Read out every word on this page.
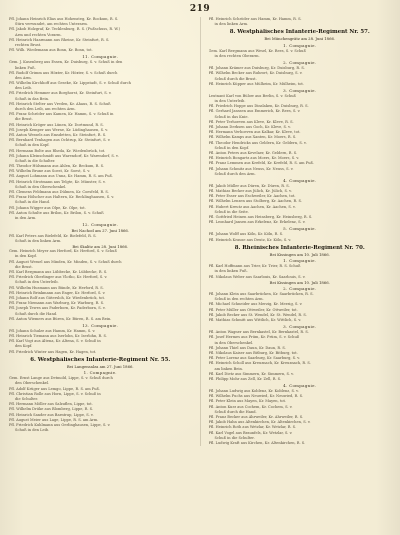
219
Pfl. Johann Heinrich Elias aus Hohensteg, Kr. Bockum, R. S.
Stirn verwundet, am rechten Unterarm.
Pfl. Jakob Holzgraf, Kr. Tecklenburg, R. S. (Fußschuss, R. W.)
Arm und rechten Vorarm.
Pfl. Heinrich Haarmann aus Rheine, Kr. Steinfurt, R. S.
rechten Brust.
Pfl. Wilh. Wiedemann aus Bonn, Kr. Bonn, tot.
11. Compagnie.
Gem. J. Kusenberg aus Essen, Kr. Duisburg, S. v. Schuß in den
linken Fuß.
Pfl. Rudolf Grimm aus Höxter, Kr. Höxter, S. v. Schuß durch
den Arm.
Pfl. Wilhelm Kirchhoff aus Geseke, Kr. Lippstadt, S. v. Schuß durch
den Leib.
Pfl. Friedrich Hemmer aus Borghorst, Kr. Steinfurt, S. v.
Schuß in das Bein.
Pfl. Heinrich Stelter aus Vreden, Kr. Ahaus, R. S. Schuß
durch den Leib, am rechten Arm.
Pfl. Franz Schröder aus Kamen, Kr. Hamm, S. v. Schuß in
die Brust.
Pfl. Heinrich Kröger aus Lünen, Kr. Dortmund, R. S.
Pfl. Joseph Kemper aus Werne, Kr. Lüdinghausen, S. v.
Pfl. Anton Wessels aus Emsdetten, Kr. Steinfurt, R. S.
Pfl. Bernhard Tenhagen aus Ochtrup, Kr. Steinfurt, S. v.
Schuß in den Kopf.
Pfl. Hermann Bolte aus Rheda, Kr. Wiedenbrück, tot.
Pfl. Johann Kleinschmidt aus Warendorf, Kr. Warendorf, S. v.
Schuß in die Schulter.
Pfl. Theodor Hülsmann aus Ahlen, Kr. Beckum, R. S.
Pfl. Wilhelm Brune aus Soest, Kr. Soest, S. v.
Pfl. August Lohmann aus Unna, Kr. Hamm, R. S. am Fuß.
Pfl. Heinrich Strotmann aus Telgte, Kr. Münster, S. v.
Schuß in den Oberschenkel.
Pfl. Clemens Feldmann aus Dülmen, Kr. Coesfeld, R. S.
Pfl. Franz Hölscher aus Haltern, Kr. Recklinghausen, S. v.
Schuß in die Hand.
Pfl. Johann Wigger aus Olpe, Kr. Olpe, tot.
Pfl. Anton Schulte aus Brilon, Kr. Brilon, S. v. Schuß
in den Arm.
12. Compagnie.
Bei Nachod am 27. Juni 1866.
Pfl. Karl Peters aus Bielefeld, Kr. Bielefeld, R. S.
Schuß in den linken Arm.
Bei Skalitz am 28. Juni 1866.
Gem. Heinrich Meyer aus Herford, Kr. Herford, S. v. Schuß
in den Kopf.
Pfl. August Wessel aus Minden, Kr. Minden, S. v. Schuß durch
die Brust.
Pfl. Karl Bergmann aus Lübbecke, Kr. Lübbecke, R. S.
Pfl. Friedrich Oberlinger aus Vlotho, Kr. Herford, S. v.
Schuß in den Unterleib.
Pfl. Wilhelm Husmann aus Bünde, Kr. Herford, R. S.
Pfl. Heinrich Brinkmann aus Enger, Kr. Herford, S. v.
Pfl. Johann Rolf aus Gütersloh, Kr. Wiedenbrück, tot.
Pfl. Franz Niemann aus Warburg, Kr. Warburg, R. S.
Pfl. Joseph Tewes aus Paderborn, Kr. Paderborn, S. v.
Schuß durch die Hand.
Pfl. Anton Wiemers aus Büren, Kr. Büren, R. S. am Bein.
13. Compagnie.
Pfl. Johann Schulze aus Hamm, Kr. Hamm, S. v.
Pfl. Heinrich Tiemann aus Iserlohn, Kr. Iserlohn, R. S.
Pfl. Karl Vogt aus Altena, Kr. Altena, S. v. Schuß in
den Kopf.
Pfl. Friedrich Winter aus Hagen, Kr. Hagen, tot.
6. Westphälisches Infanterie-Regiment Nr. 55.
Bei Langensalza am 27. Juni 1866.
1. Compagnie.
Gem. Ernst Lange aus Detmold, Lippe, S. v. Schuß durch
den Oberschenkel.
Pfl. Adolf Krüger aus Lemgo, Lippe, R. S. am Fuß.
Pfl. Christian Rolle aus Horn, Lippe, S. v. Schuß in
die Schulter.
Pfl. Hermann Möller aus Salzuflen, Lippe, tot.
Pfl. Wilhelm Drüke aus Blomberg, Lippe, R. S.
Pfl. Heinrich Sander aus Barntrup, Lippe, S. v.
Pfl. August Meier aus Lage, Lippe, R. S. am Arm.
Pfl. Friedrich Kuhlmann aus Oerlinghausen, Lippe, S. v.
Schuß in den Leib.
Pfl. Heinrich Schröder aus Hamm, Kr. Hamm, R. S.
in den linken Arm.
8. Westphälisches Infanterie-Regiment Nr. 57.
Bei Münchengrätz am 28. Juni 1866.
1. Compagnie.
Gem. Karl Bergmann aus Wesel, Kr. Rees, S. v. Schuß
in den rechten Oberarm.
2. Compagnie.
Pfl. Johann Krämer aus Duisburg, Kr. Duisburg, R. S.
Pfl. Wilhelm Becker aus Ruhrort, Kr. Duisburg, S. v.
Schuß durch die Brust.
Pfl. Heinrich Küpper aus Mülheim, Kr. Mülheim, tot.
3. Compagnie.
Leutnant Karl von Bülow aus Berlin, S. v. Schuß
in den Unterleib.
Pfl. Friedrich Hoppe aus Dinslaken, Kr. Duisburg, R. S.
Pfl. Gerhard Janssen aus Emmerich, Kr. Rees, S. v.
Schuß in das Knie.
Pfl. Peter Terhoeven aus Kleve, Kr. Kleve, R. S.
Pfl. Johann Derksen aus Goch, Kr. Kleve, S. v.
Pfl. Hermann Verhoeven aus Kalkar, Kr. Kleve, tot.
Pfl. Wilhelm Kamps aus Xanten, Kr. Moers, R. S.
Pfl. Theodor Hendricks aus Geldern, Kr. Geldern, S. v.
Schuß in den Kopf.
Pfl. Anton Peters aus Kevelaer, Kr. Geldern, R. S.
Pfl. Heinrich Bongartz aus Moers, Kr. Moers, S. v.
Pfl. Franz Lemmen aus Krefeld, Kr. Krefeld, R. S. am Fuß.
Pfl. Johann Schmitz aus Neuss, Kr. Neuss, S. v.
Schuß durch den Arm.
4. Compagnie.
Pfl. Jakob Müller aus Düren, Kr. Düren, R. S.
Pfl. Mathias Becker aus Jülich, Kr. Jülich, S. v.
Pfl. Peter Esser aus Eschweiler, Kr. Aachen, tot.
Pfl. Wilhelm Lenzen aus Stolberg, Kr. Aachen, R. S.
Pfl. Hubert Kreutz aus Aachen, Kr. Aachen, S. v.
Schuß in die Seite.
Pfl. Gottfried Heinen aus Heinsberg, Kr. Heinsberg, R. S.
Pfl. Leonhard Jansen aus Erkelenz, Kr. Erkelenz, S. v.
5. Compagnie.
Pfl. Johann Wolff aus Köln, Kr. Köln, R. S.
Pfl. Heinrich Krause aus Deutz, Kr. Köln, S. v.
8. Rheinisches Infanterie-Regiment Nr. 70.
Bei Kissingen am 10. Juli 1866.
1. Compagnie.
Pfl. Karl Hoffmann aus Trier, Kr. Trier, R. S. Schuß
in den linken Fuß.
Pfl. Nikolaus Weber aus Saarlouis, Kr. Saarlouis, S. v.
Bei Kissingen am 10. Juli 1866.
2. Compagnie.
Pfl. Johann Klein aus Saarbrücken, Kr. Saarbrücken, R. S.
Schuß in den rechten Arm.
Pfl. Michael Schneider aus Merzig, Kr. Merzig, S. v.
Pfl. Peter Müller aus Ottweiler, Kr. Ottweiler, tot.
Pfl. Jakob Becker aus St. Wendel, Kr. St. Wendel, R. S.
Pfl. Mathias Schmitt aus Wittlich, Kr. Wittlich, S. v.
3. Compagnie.
Pfl. Anton Wagner aus Bernkastel, Kr. Bernkastel, R. S.
Pfl. Josef Hermes aus Prüm, Kr. Prüm, S. v. Schuß
in den Oberschenkel.
Pfl. Johann Thiel aus Daun, Kr. Daun, R. S.
Pfl. Nikolaus Kaiser aus Bitburg, Kr. Bitburg, tot.
Pfl. Peter Lorenz aus Saarburg, Kr. Saarburg, S. v.
Pfl. Heinrich Scholl aus Kreuznach, Kr. Kreuznach, R. S.
am linken Bein.
Pfl. Karl Dietz aus Simmern, Kr. Simmern, S. v.
Pfl. Philipp Mohr aus Zell, Kr. Zell, R. S.
4. Compagnie.
Pfl. Johann Ludwig aus Koblenz, Kr. Koblenz, S. v.
Pfl. Wilhelm Fuchs aus Neuwied, Kr. Neuwied, R. S.
Pfl. Peter Klein aus Mayen, Kr. Mayen, tot.
Pfl. Anton Kurz aus Cochem, Kr. Cochem, S. v.
Schuß durch die Hand.
Pfl. Franz Becker aus Ahrweiler, Kr. Ahrweiler, R. S.
Pfl. Jakob Hahn aus Altenkirchen, Kr. Altenkirchen, S. v.
Pfl. Heinrich Roth aus Wetzlar, Kr. Wetzlar, R. S.
Pfl. Karl Vogel aus Braunfels, Kr. Wetzlar, S. v.
Schuß in die Schulter.
Pfl. Ludwig Kraft aus Kirchen, Kr. Altenkirchen, R. S.
